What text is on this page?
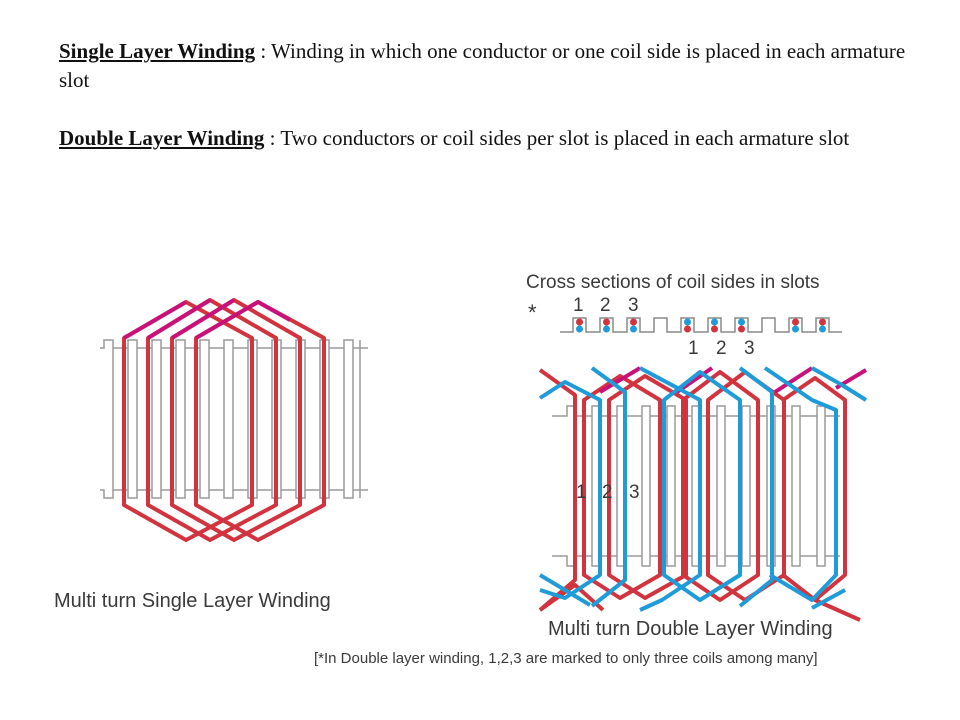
Single Layer Winding : Winding in which one conductor or one coil side is placed in each armature slot

Double Layer Winding : Two conductors or coil sides per slot is placed in each armature slot

* 1 2 3
1 2 3
1 2 3
Cross sections of coil sides in slots
Multi turn Single Layer Winding
Multi turn Double Layer Winding
[*In Double layer winding, 1,2,3 are marked to only three coils among many]
